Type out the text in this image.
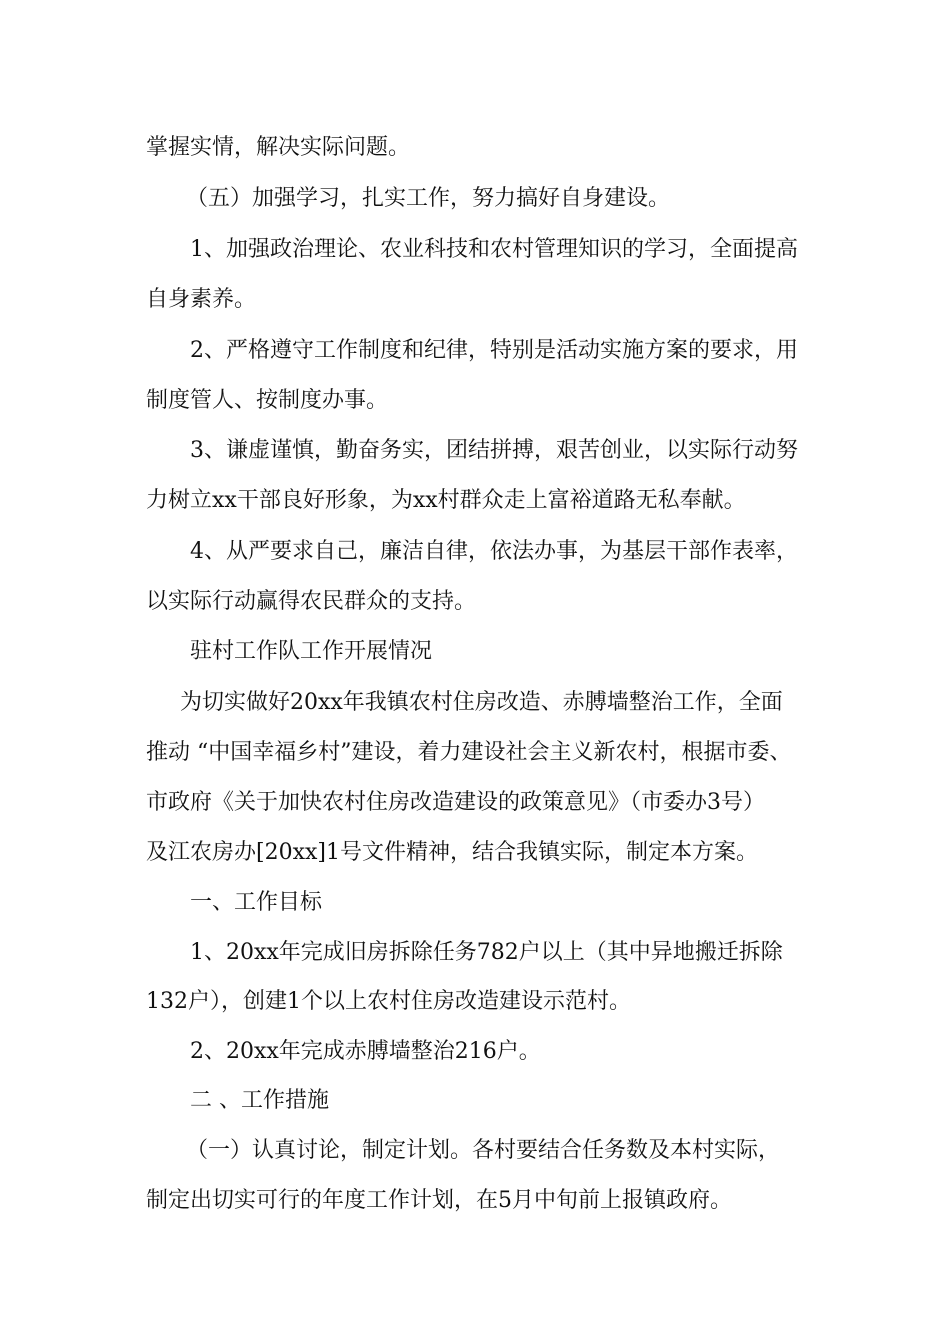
掌握实情，解决实际问题。
（五）加强学习，扎实工作，努力搞好自身建设。
1、加强政治理论、农业科技和农村管理知识的学习，全面提高
自身素养。
2、严格遵守工作制度和纪律，特别是活动实施方案的要求，用
制度管人、按制度办事。
3、谦虚谨慎，勤奋务实，团结拼搏，艰苦创业，以实际行动努
力树立xx干部良好形象，为xx村群众走上富裕道路无私奉献。
4、从严要求自己，廉洁自律，依法办事，为基层干部作表率，
以实际行动赢得农民群众的支持。
驻村工作队工作开展情况
为切实做好20xx年我镇农村住房改造、赤膊墙整治工作，全面
推动 “中国幸福乡村”建设，着力建设社会主义新农村，根据市委、
市政府《关于加快农村住房改造建设的政策意见》（市委办3号）
及江农房办[20xx]1号文件精神，结合我镇实际，制定本方案。
一、工作目标
1、20xx年完成旧房拆除任务782户以上（其中异地搬迁拆除
132户），创建1个以上农村住房改造建设示范村。
2、20xx年完成赤膊墙整治216户。
二 、工作措施
（一）认真讨论，制定计划。各村要结合任务数及本村实际，
制定出切实可行的年度工作计划，在5月中旬前上报镇政府。
